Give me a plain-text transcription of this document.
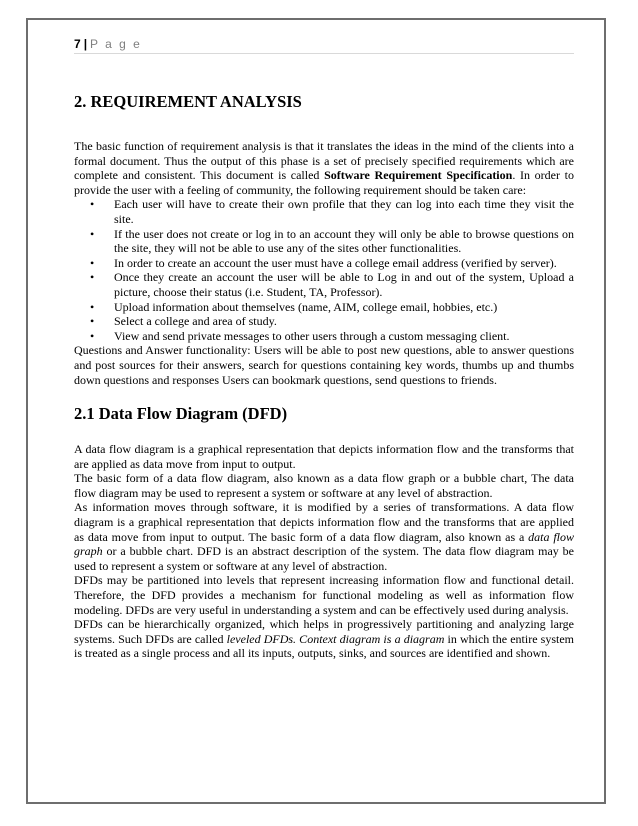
7 | P a g e
2. REQUIREMENT ANALYSIS

The basic function of requirement analysis is that it translates the ideas in the mind of the clients into a formal document. Thus the output of this phase is a set of precisely specified requirements which are complete and consistent. This document is called Software Requirement Specification. In order to provide the user with a feeling of community, the following requirement should be taken care:

• Each user will have to create their own profile that they can log into each time they visit the site.
• If the user does not create or log in to an account they will only be able to browse questions on the site, they will not be able to use any of the sites other functionalities.
• In order to create an account the user must have a college email address (verified by server).
• Once they create an account the user will be able to Log in and out of the system, Upload a picture, choose their status (i.e. Student, TA, Professor).
• Upload information about themselves (name, AIM, college email, hobbies, etc.)
• Select a college and area of study.
• View and send private messages to other users through a custom messaging client.

Questions and Answer functionality: Users will be able to post new questions, able to answer questions and post sources for their answers, search for questions containing key words, thumbs up and thumbs down questions and responses Users can bookmark questions, send questions to friends.

2.1 Data Flow Diagram (DFD)

A data flow diagram is a graphical representation that depicts information flow and the transforms that are applied as data move from input to output.

The basic form of a data flow diagram, also known as a data flow graph or a bubble chart, The data flow diagram may be used to represent a system or software at any level of abstraction.

As information moves through software, it is modified by a series of transformations. A data flow diagram is a graphical representation that depicts information flow and the transforms that are applied as data move from input to output. The basic form of a data flow diagram, also known as a data flow graph or a bubble chart. DFD is an abstract description of the system. The data flow diagram may be used to represent a system or software at any level of abstraction.

DFDs may be partitioned into levels that represent increasing information flow and functional detail. Therefore, the DFD provides a mechanism for functional modeling as well as information flow modeling. DFDs are very useful in understanding a system and can be effectively used during analysis.

DFDs can be hierarchically organized, which helps in progressively partitioning and analyzing large systems. Such DFDs are called leveled DFDs. Context diagram is a diagram in which the entire system is treated as a single process and all its inputs, outputs, sinks, and sources are identified and shown.
